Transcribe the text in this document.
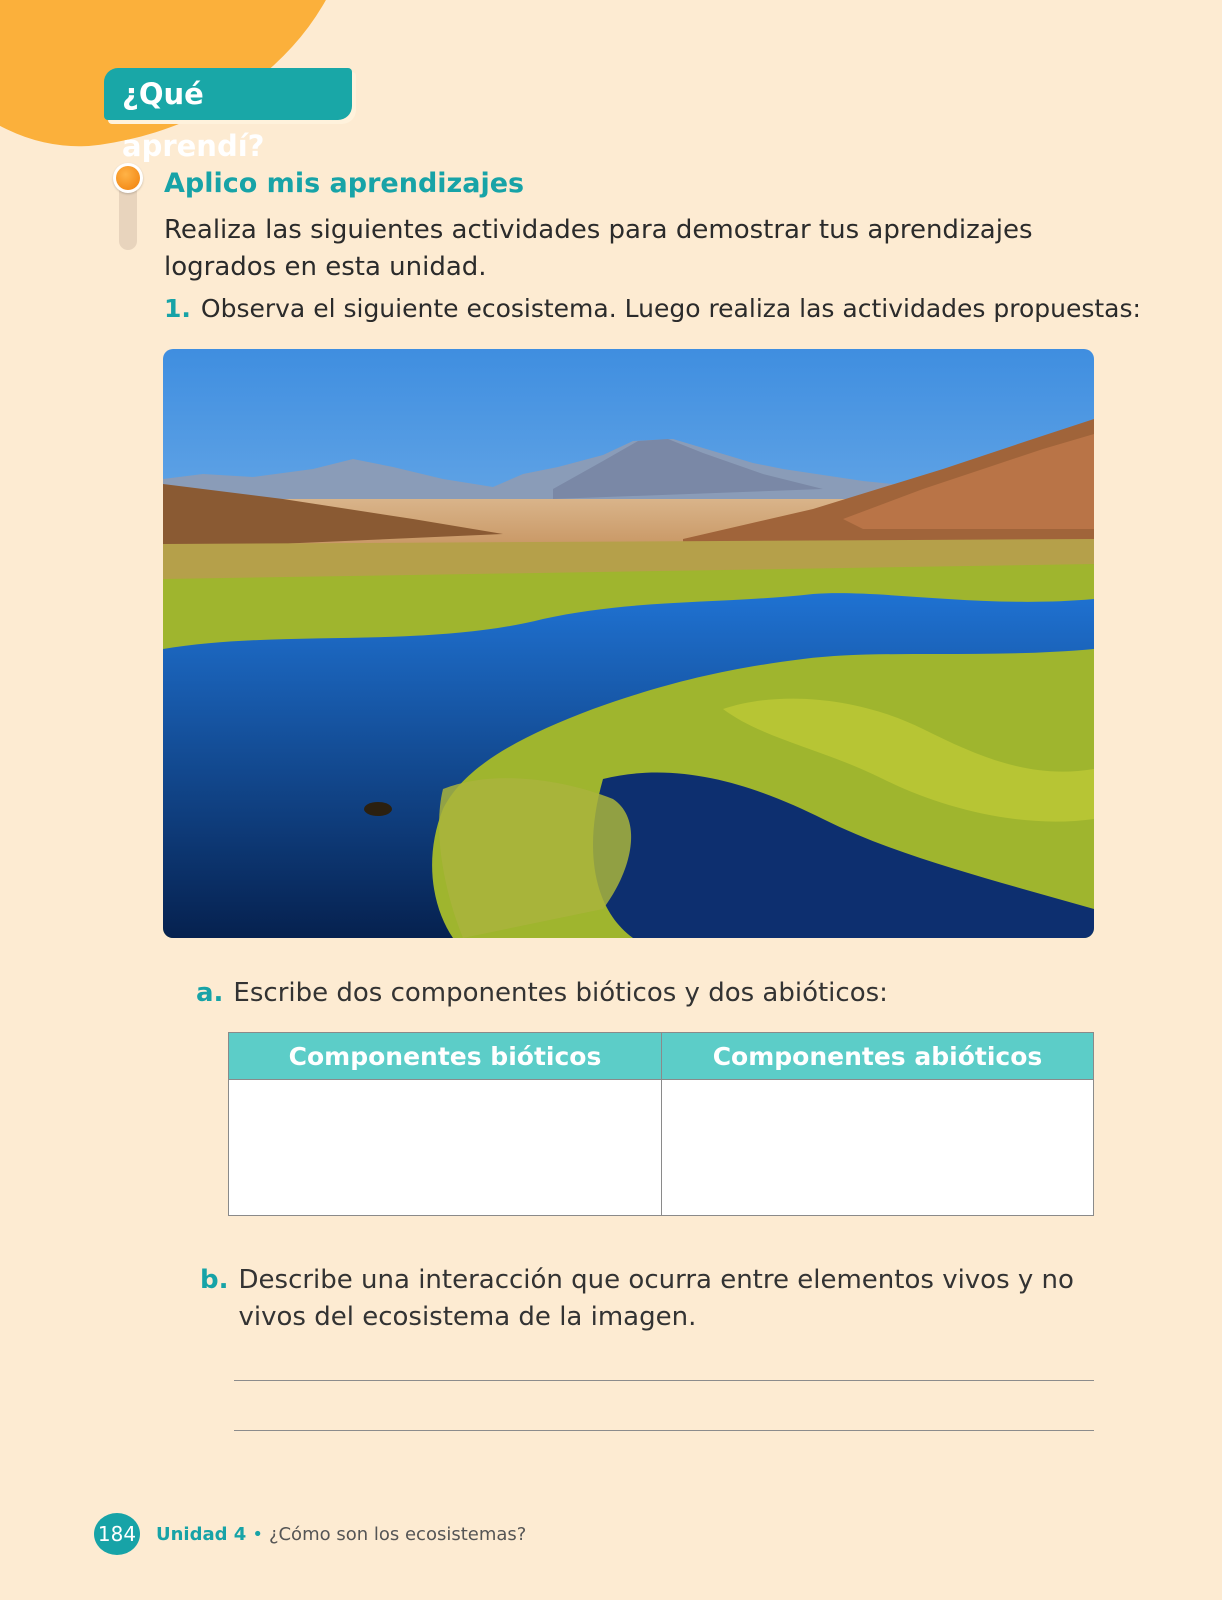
¿Qué aprendí?
Aplico mis aprendizajes
Realiza las siguientes actividades para demostrar tus aprendizajes logrados en esta unidad.
1. Observa el siguiente ecosistema. Luego realiza las actividades propuestas:
a. Escribe dos componentes bióticos y dos abióticos:
Componentes bióticos	Componentes abióticos
b. Describe una interacción que ocurra entre elementos vivos y no vivos del ecosistema de la imagen.
184 Unidad 4 • ¿Cómo son los ecosistemas?
